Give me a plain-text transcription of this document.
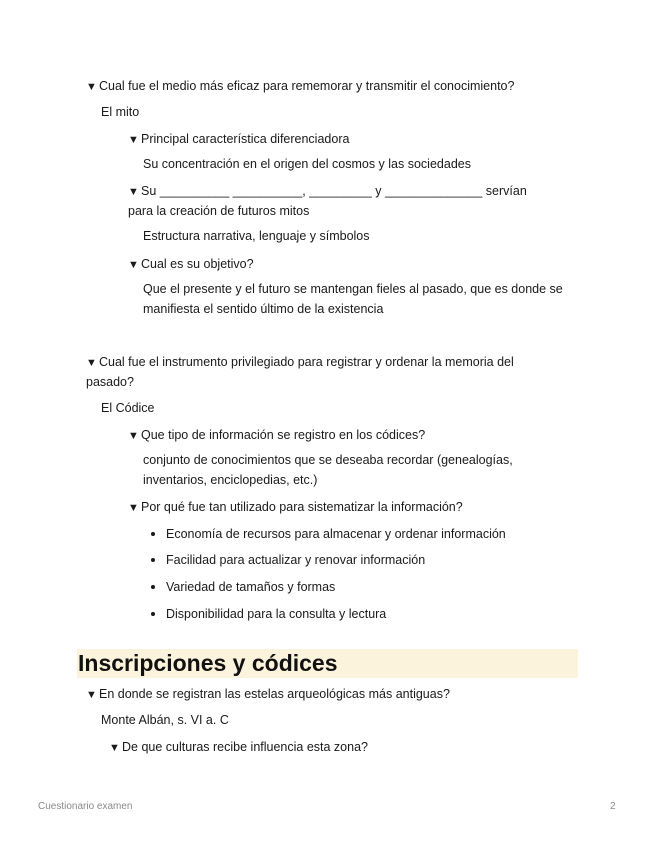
▼ Cual fue el medio más eficaz para rememorar y transmitir el conocimiento?
El mito
▼ Principal característica diferenciadora
Su concentración en el origen del cosmos y las sociedades
▼ Su __________ __________, _________ y ______________ servían
para la creación de futuros mitos
Estructura narrativa, lenguaje y símbolos
▼ Cual es su objetivo?
Que el presente y el futuro se mantengan fieles al pasado, que es donde se
manifiesta el sentido último de la existencia
▼ Cual fue el instrumento privilegiado para registrar y ordenar la memoria del
pasado?
El Códice
▼ Que tipo de información se registro en los códices?
conjunto de conocimientos que se deseaba recordar (genealogías,
inventarios, enciclopedias, etc.)
▼ Por qué fue tan utilizado para sistematizar la información?
Economía de recursos para almacenar y ordenar información
Facilidad para actualizar y renovar información
Variedad de tamaños y formas
Disponibilidad para la consulta y lectura
Inscripciones y códices
▼ En donde se registran las estelas arqueológicas más antiguas?
Monte Albán, s. VI a. C
▼ De que culturas recibe influencia esta zona?
Cuestionario examen	2
